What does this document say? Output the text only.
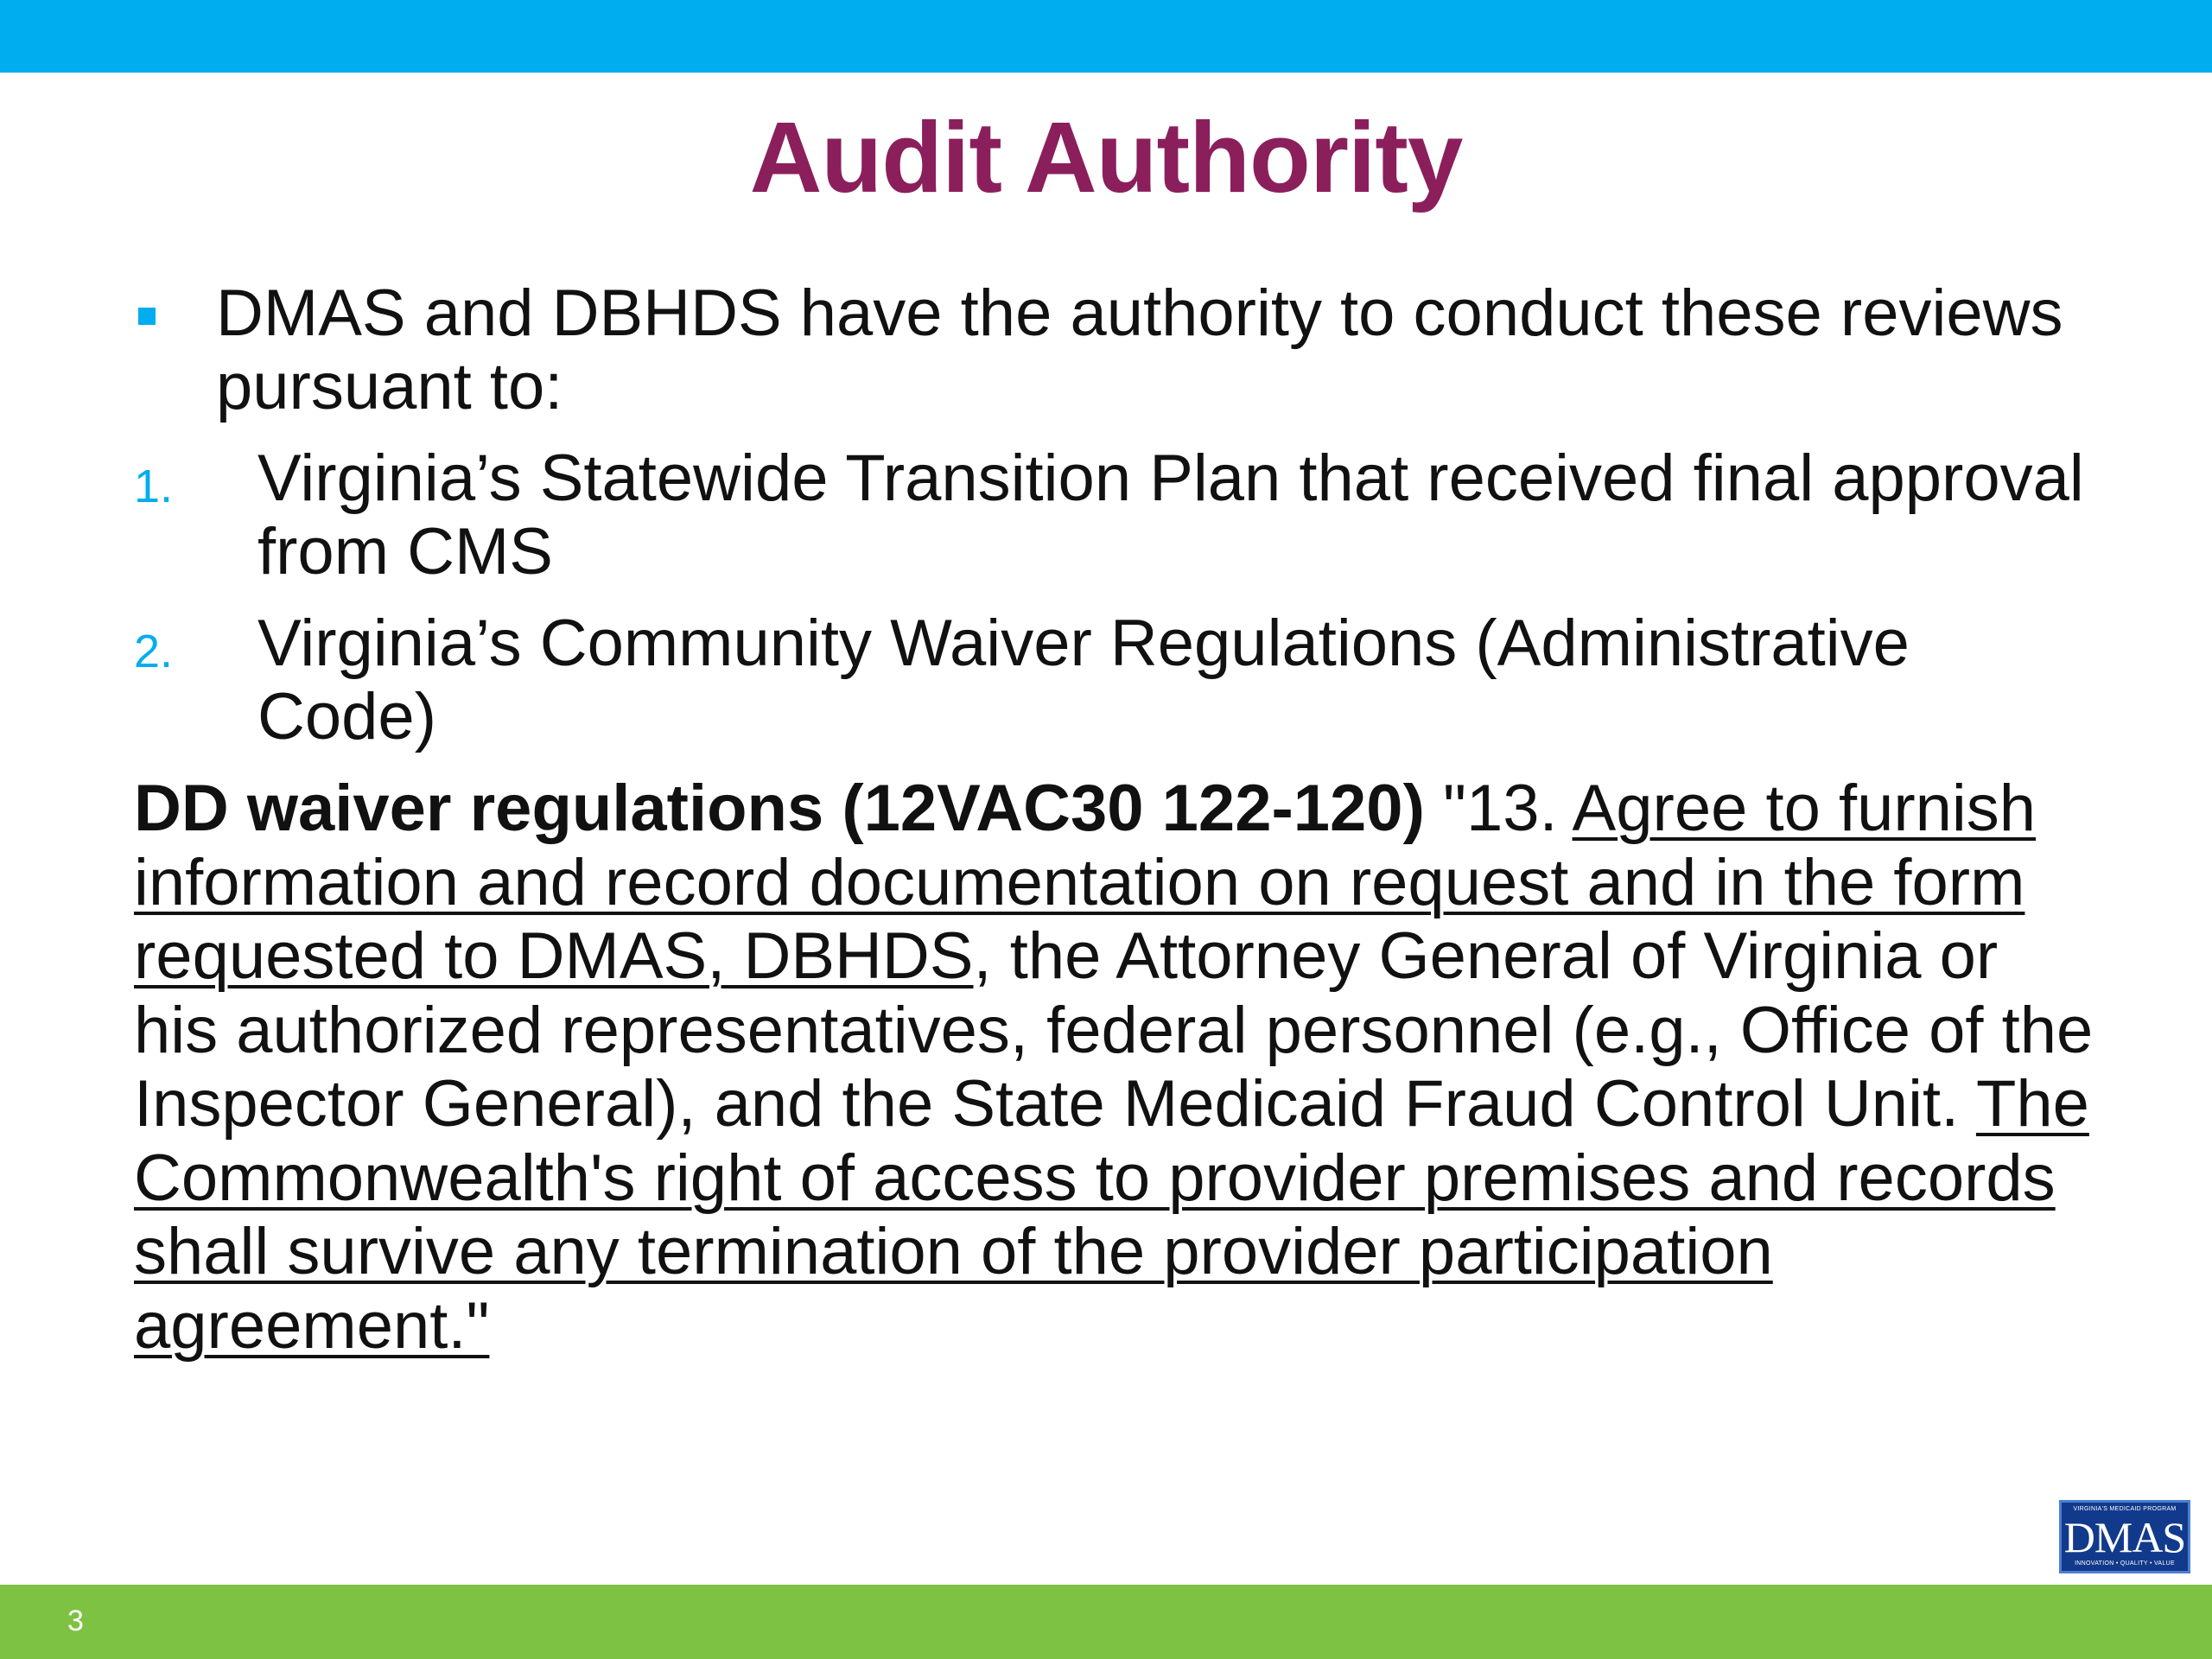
Audit Authority
DMAS and DBHDS have the authority to conduct these reviews pursuant to:
1. Virginia’s Statewide Transition Plan that received final approval from CMS
2. Virginia’s Community Waiver Regulations (Administrative Code)
DD waiver regulations (12VAC30 122-120) "13. Agree to furnish information and record documentation on request and in the form requested to DMAS, DBHDS, the Attorney General of Virginia or his authorized representatives, federal personnel (e.g., Office of the Inspector General), and the State Medicaid Fraud Control Unit. The Commonwealth's right of access to provider premises and records shall survive any termination of the provider participation agreement."
VIRGINIA'S MEDICAID PROGRAM
DMAS
INNOVATION • QUALITY • VALUE
3
